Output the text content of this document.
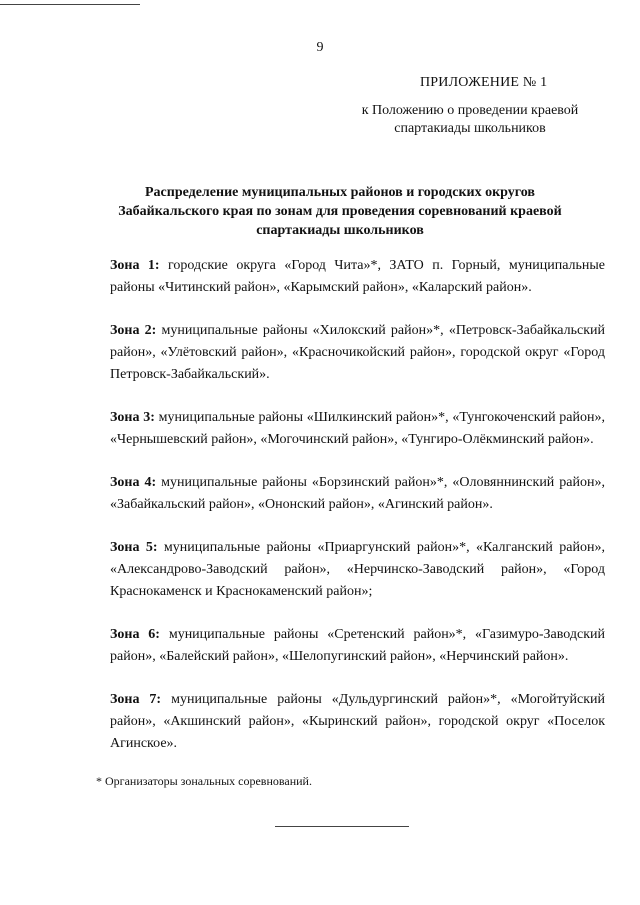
9
ПРИЛОЖЕНИЕ № 1
к Положению о проведении краевой спартакиады школьников
Распределение муниципальных районов и городских округов Забайкальского края по зонам для проведения соревнований краевой спартакиады школьников

Зона 1: городские округа «Город Чита»*, ЗАТО п. Горный, муниципальные районы «Читинский район», «Карымский район», «Каларский район».

Зона 2: муниципальные районы «Хилокский район»*, «Петровск-Забайкальский район», «Улётовский район», «Красночикойский район», городской округ «Город Петровск-Забайкальский».

Зона 3: муниципальные районы «Шилкинский район»*, «Тунгокоченский район», «Чернышевский район», «Могочинский район», «Тунгиро-Олёкминский район».

Зона 4: муниципальные районы «Борзинский район»*, «Оловяннинский район», «Забайкальский район», «Ононский район», «Агинский район».

Зона 5: муниципальные районы «Приаргунский район»*, «Калганский район», «Александрово-Заводский район», «Нерчинско-Заводский район», «Город Краснокаменск и Краснокаменский район»;

Зона 6: муниципальные районы «Сретенский район»*, «Газимуро-Заводский район», «Балейский район», «Шелопугинский район», «Нерчинский район».

Зона 7: муниципальные районы «Дульдургинский район»*, «Могойтуйский район», «Акшинский район», «Кыринский район», городской округ «Поселок Агинское».

* Организаторы зональных соревнований.
